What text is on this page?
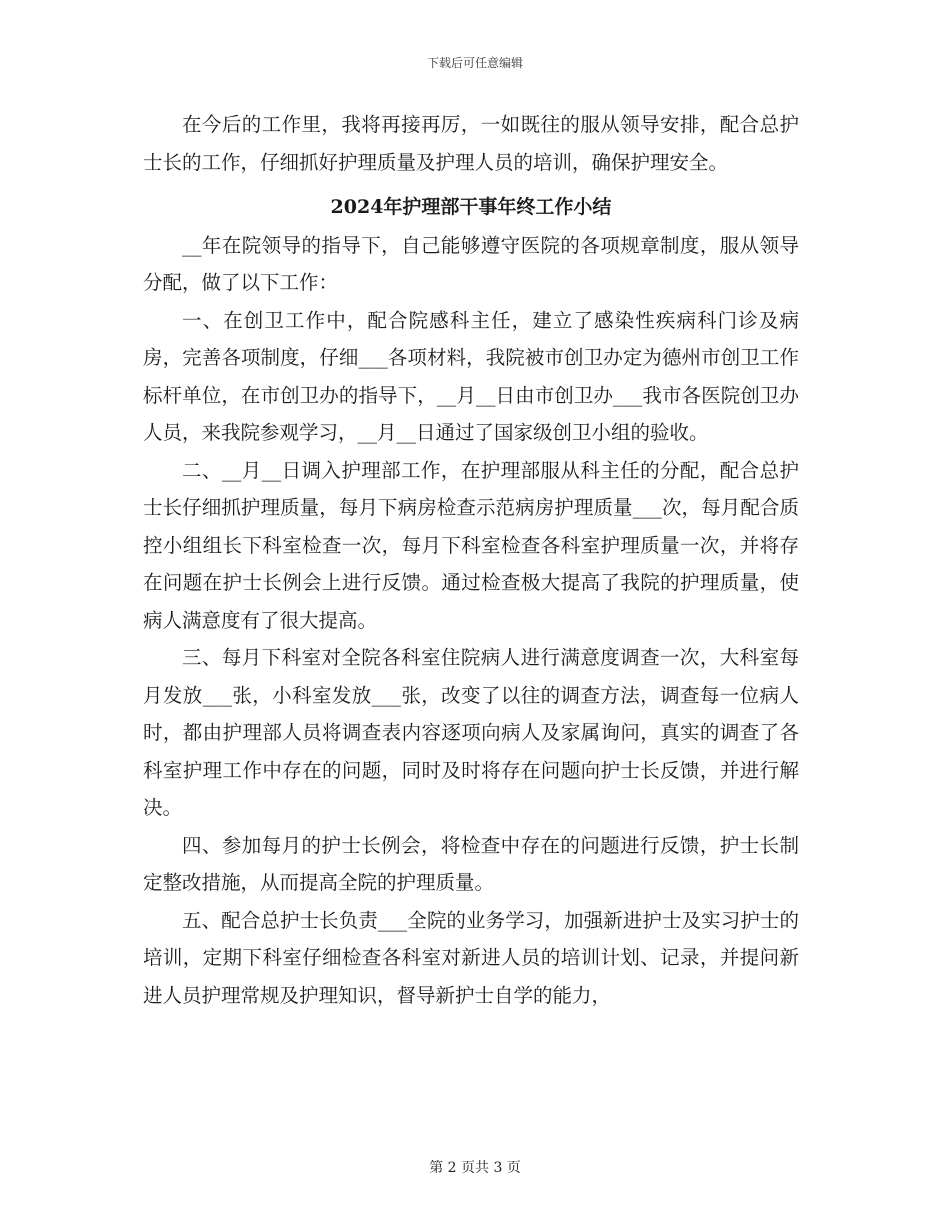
下载后可任意编辑

在今后的工作里，我将再接再厉，一如既往的服从领导安排，配合总护士长的工作，仔细抓好护理质量及护理人员的培训，确保护理安全。

2024年护理部干事年终工作小结

__年在院领导的指导下，自己能够遵守医院的各项规章制度，服从领导分配，做了以下工作：

一、在创卫工作中，配合院感科主任，建立了感染性疾病科门诊及病房，完善各项制度，仔细___各项材料，我院被市创卫办定为德州市创卫工作标杆单位，在市创卫办的指导下，__月__日由市创卫办___我市各医院创卫办人员，来我院参观学习，__月__日通过了国家级创卫小组的验收。

二、__月__日调入护理部工作，在护理部服从科主任的分配，配合总护士长仔细抓护理质量，每月下病房检查示范病房护理质量___次，每月配合质控小组组长下科室检查一次，每月下科室检查各科室护理质量一次，并将存在问题在护士长例会上进行反馈。通过检查极大提高了我院的护理质量，使病人满意度有了很大提高。

三、每月下科室对全院各科室住院病人进行满意度调查一次，大科室每月发放___张，小科室发放___张，改变了以往的调查方法，调查每一位病人时，都由护理部人员将调查表内容逐项向病人及家属询问，真实的调查了各科室护理工作中存在的问题，同时及时将存在问题向护士长反馈，并进行解决。

四、参加每月的护士长例会，将检查中存在的问题进行反馈，护士长制定整改措施，从而提高全院的护理质量。

五、配合总护士长负责___全院的业务学习，加强新进护士及实习护士的培训，定期下科室仔细检查各科室对新进人员的培训计划、记录，并提问新进人员护理常规及护理知识，督导新护士自学的能力，

第 2 页共 3 页
